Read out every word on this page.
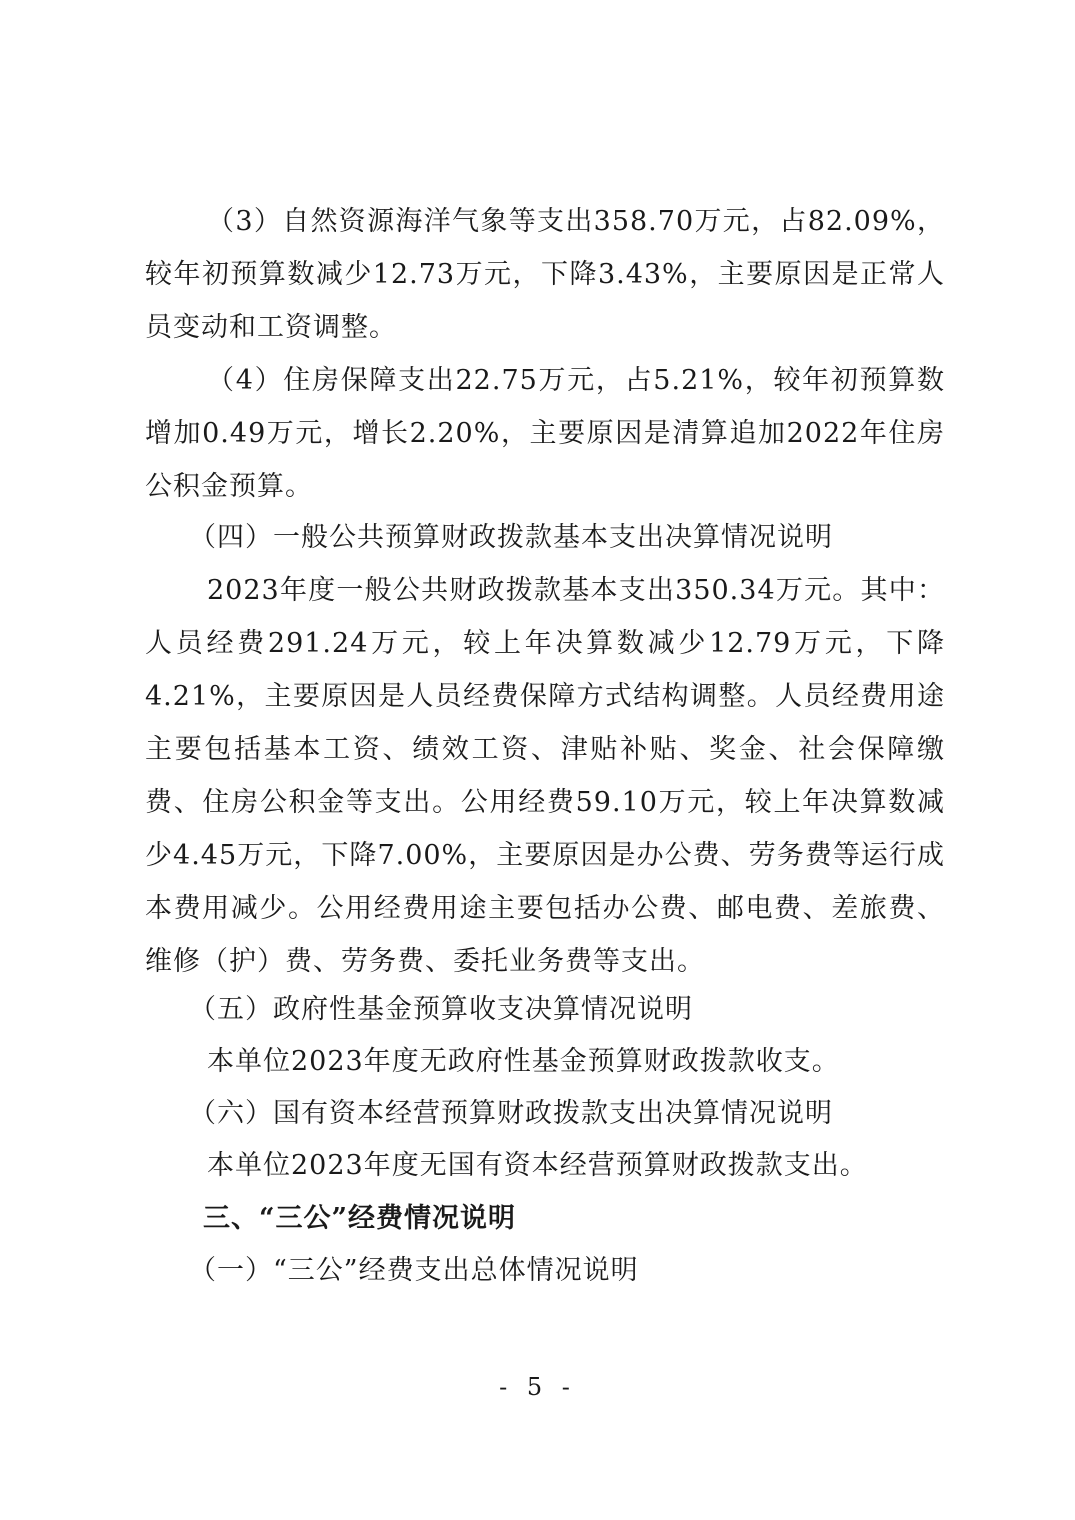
（3）自然资源海洋气象等支出358.70万元，占82.09%，较年初预算数减少12.73万元，下降3.43%，主要原因是正常人员变动和工资调整。

（4）住房保障支出22.75万元，占5.21%，较年初预算数增加0.49万元，增长2.20%，主要原因是清算追加2022年住房公积金预算。

（四）一般公共预算财政拨款基本支出决算情况说明

2023年度一般公共财政拨款基本支出350.34万元。其中：人员经费291.24万元，较上年决算数减少12.79万元，下降4.21%，主要原因是人员经费保障方式结构调整。人员经费用途主要包括基本工资、绩效工资、津贴补贴、奖金、社会保障缴费、住房公积金等支出。公用经费59.10万元，较上年决算数减少4.45万元，下降7.00%，主要原因是办公费、劳务费等运行成本费用减少。公用经费用途主要包括办公费、邮电费、差旅费、维修（护）费、劳务费、委托业务费等支出。

（五）政府性基金预算收支决算情况说明

本单位2023年度无政府性基金预算财政拨款收支。

（六）国有资本经营预算财政拨款支出决算情况说明

本单位2023年度无国有资本经营预算财政拨款支出。

三、“三公”经费情况说明

（一）“三公”经费支出总体情况说明

- 5 -
